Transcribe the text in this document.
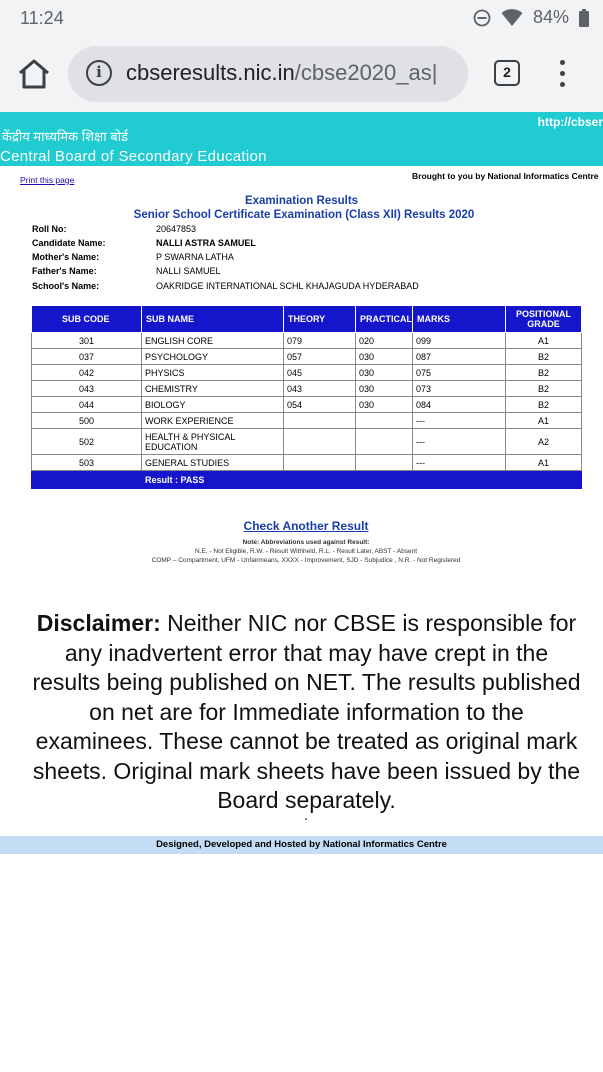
11:24	84%
i	cbseresults.nic.in/cbse2020_as|	2
केंद्रीय माध्यमिक शिक्षा बोर्ड
Central Board of Secondary Education
http://cbser
Print this page	Brought to you by National Informatics Centre
Examination Results
Senior School Certificate Examination (Class XII) Results 2020
Roll No:	20647853
Candidate Name:	NALLI ASTRA SAMUEL
Mother's Name:	P SWARNA LATHA
Father's Name:	NALLI SAMUEL
School's Name:	OAKRIDGE INTERNATIONAL SCHL KHAJAGUDA HYDERABAD
SUB CODE	SUB NAME	THEORY	PRACTICAL	MARKS	POSITIONAL GRADE
301	ENGLISH CORE	079	020	099	A1
037	PSYCHOLOGY	057	030	087	B2
042	PHYSICS	045	030	075	B2
043	CHEMISTRY	043	030	073	B2
044	BIOLOGY	054	030	084	B2
500	WORK EXPERIENCE			---	A1
502	HEALTH & PHYSICAL EDUCATION			---	A2
503	GENERAL STUDIES			---	A1
	Result : PASS				
Check Another Result
Note: Abbreviations used against Result:
N.E. - Not Eligible, R.W. - Result Withheld, R.L. - Result Later, ABST - Absent
COMP – Compartment, UFM - Unfairmeans, XXXX - Improvement, SJD - Subjudice , N.R. - Not Registered
Disclaimer: Neither NIC nor CBSE is responsible for any inadvertent error that may have crept in the results being published on NET. The results published on net are for Immediate information to the examinees. These cannot be treated as original mark sheets. Original mark sheets have been issued by the Board separately.
Designed, Developed and Hosted by National Informatics Centre
